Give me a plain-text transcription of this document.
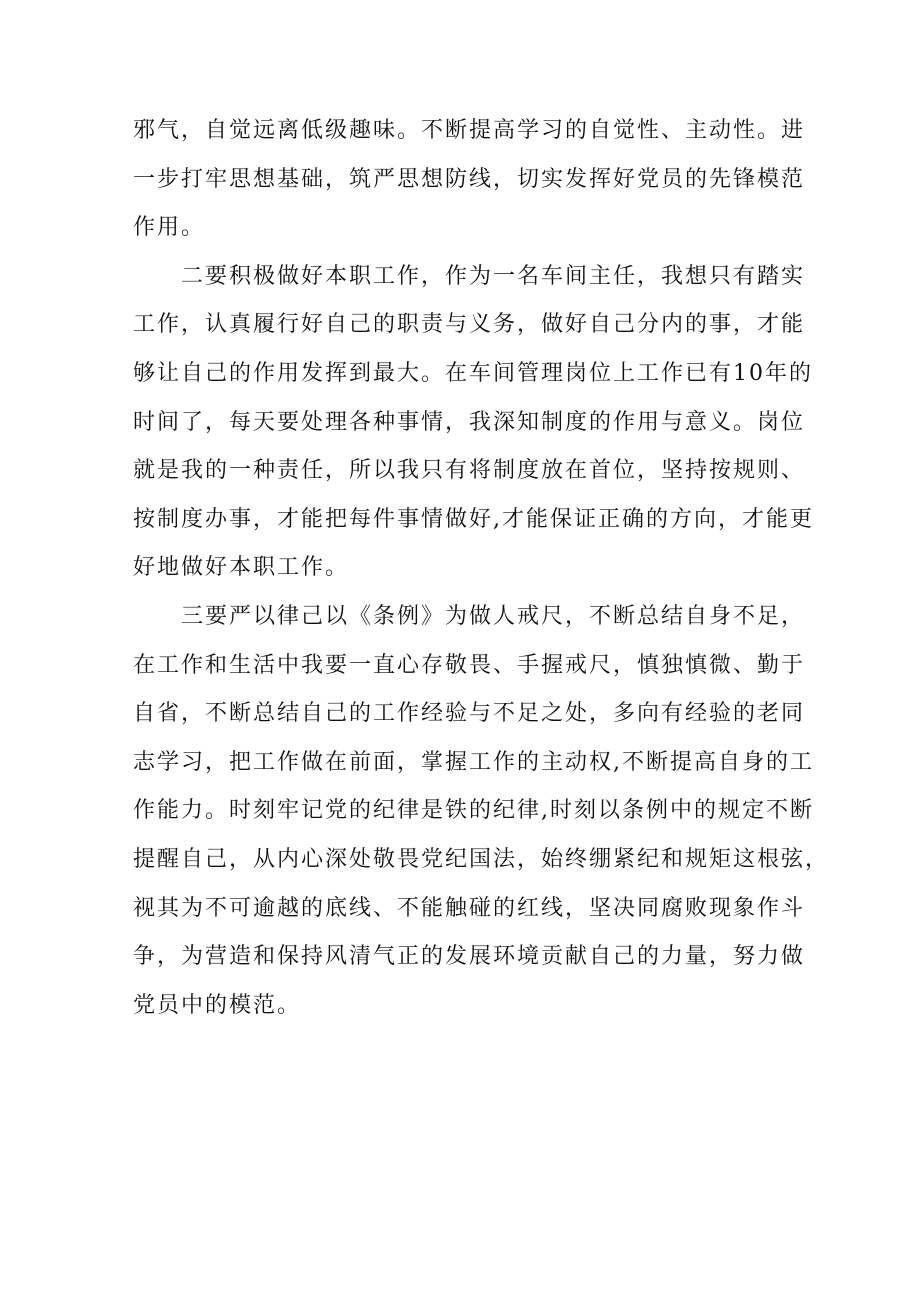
邪气，自觉远离低级趣味。不断提高学习的自觉性、主动性。进
一步打牢思想基础，筑严思想防线，切实发挥好党员的先锋模范
作用。
二要积极做好本职工作，作为一名车间主任，我想只有踏实
工作，认真履行好自己的职责与义务，做好自己分内的事，才能
够让自己的作用发挥到最大。在车间管理岗位上工作已有10年的
时间了，每天要处理各种事情，我深知制度的作用与意义。岗位
就是我的一种责任，所以我只有将制度放在首位，坚持按规则、
按制度办事，才能把每件事情做好,才能保证正确的方向，才能更
好地做好本职工作。
三要严以律己以《条例》为做人戒尺，不断总结自身不足，
在工作和生活中我要一直心存敬畏、手握戒尺，慎独慎微、勤于
自省，不断总结自己的工作经验与不足之处，多向有经验的老同
志学习，把工作做在前面，掌握工作的主动权,不断提高自身的工
作能力。时刻牢记党的纪律是铁的纪律,时刻以条例中的规定不断
提醒自己，从内心深处敬畏党纪国法，始终绷紧纪和规矩这根弦，
视其为不可逾越的底线、不能触碰的红线，坚决同腐败现象作斗
争，为营造和保持风清气正的发展环境贡献自己的力量，努力做
党员中的模范。
